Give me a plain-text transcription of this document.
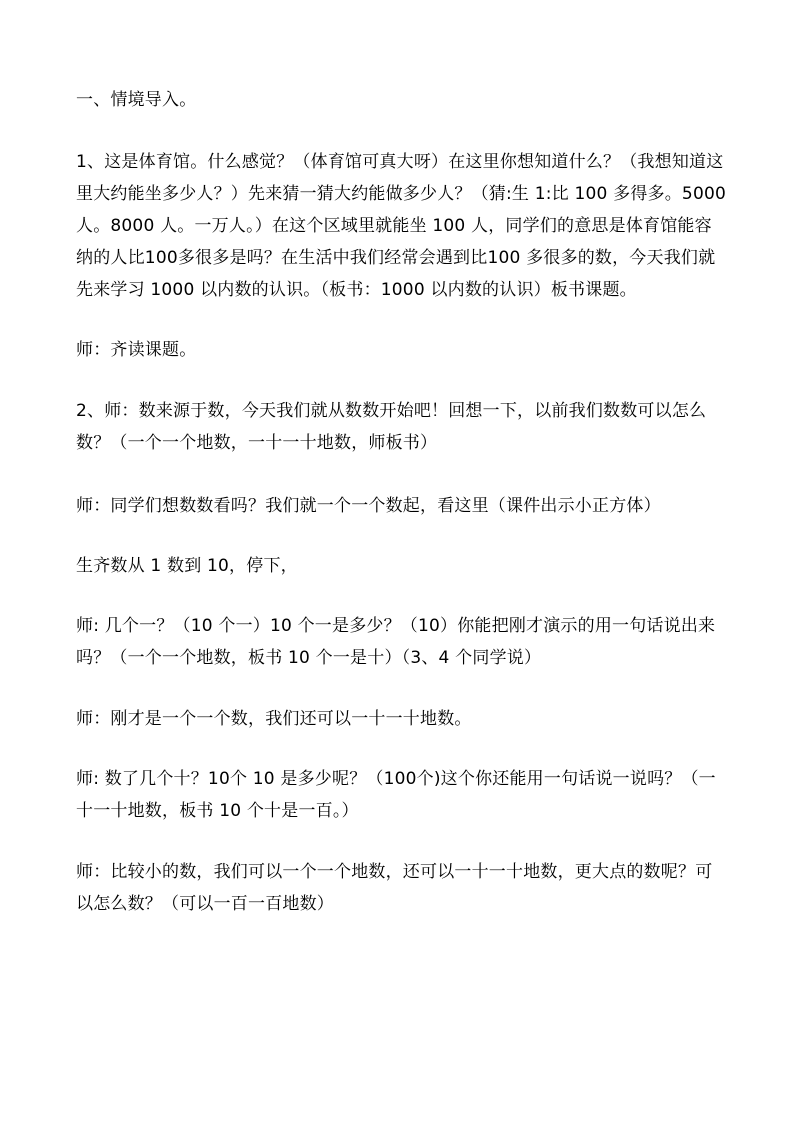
一、情境导入。

1、这是体育馆。什么感觉？（体育馆可真大呀）在这里你想知道什么？（我想知道这里大约能坐多少人？）先来猜一猜大约能做多少人？（猜:生 1:比 100 多得多。5000 人。8000 人。一万人。）在这个区域里就能坐 100 人，同学们的意思是体育馆能容纳的人比100多很多是吗？在生活中我们经常会遇到比100 多很多的数，今天我们就先来学习 1000 以内数的认识。（板书：1000 以内数的认识）板书课题。

师：齐读课题。

2、师：数来源于数，今天我们就从数数开始吧！回想一下，以前我们数数可以怎么数？（一个一个地数，一十一十地数，师板书）

师：同学们想数数看吗？我们就一个一个数起，看这里（课件出示小正方体）

生齐数从 1 数到 10，停下，

师: 几个一？（10 个一）10 个一是多少？（10）你能把刚才演示的用一句话说出来吗？（一个一个地数，板书 10 个一是十）（3、4 个同学说）

师：刚才是一个一个数，我们还可以一十一十地数。

师: 数了几个十？10个 10 是多少呢？（100个)这个你还能用一句话说一说吗？（一十一十地数，板书 10 个十是一百。）

师：比较小的数，我们可以一个一个地数，还可以一十一十地数，更大点的数呢？可以怎么数？（可以一百一百地数）
